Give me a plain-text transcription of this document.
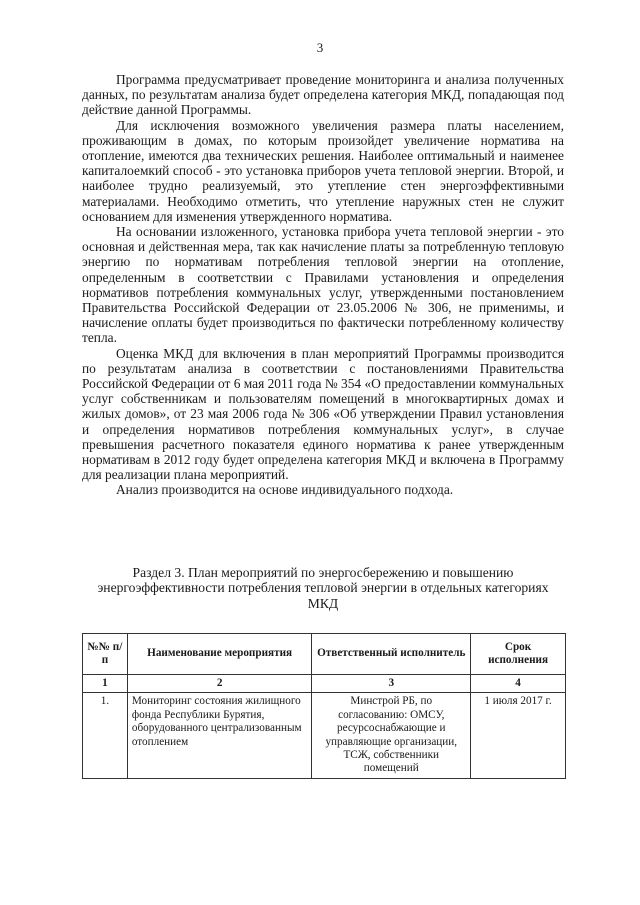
3

Программа предусматривает проведение мониторинга и анализа полученных данных, по результатам анализа будет определена категория МКД, попадающая под действие данной Программы.

Для исключения возможного увеличения размера платы населением, проживающим в домах, по которым произойдет увеличение норматива на отопление, имеются два технических решения. Наиболее оптимальный и наименее капиталоемкий способ - это установка приборов учета тепловой энергии. Второй, и наиболее трудно реализуемый, это утепление стен энергоэффективными материалами. Необходимо отметить, что утепление наружных стен не служит основанием для изменения утвержденного норматива.

На основании изложенного, установка прибора учета тепловой энергии - это основная и действенная мера, так как начисление платы за потребленную тепловую энергию по нормативам потребления тепловой энергии на отопление, определенным в соответствии с Правилами установления и определения нормативов потребления коммунальных услуг, утвержденными постановлением Правительства Российской Федерации от 23.05.2006 № 306, не применимы, и начисление оплаты будет производиться по фактически потребленному количеству тепла.

Оценка МКД для включения в план мероприятий Программы производится по результатам анализа в соответствии с постановлениями Правительства Российской Федерации от 6 мая 2011 года № 354 «О предоставлении коммунальных услуг собственникам и пользователям помещений в многоквартирных домах и жилых домов», от 23 мая 2006 года № 306 «Об утверждении Правил установления и определения нормативов потребления коммунальных услуг», в случае превышения расчетного показателя единого норматива к ранее утвержденным нормативам в 2012 году будет определена категория МКД и включена в Программу для реализации плана мероприятий.

Анализ производится на основе индивидуального подхода.

Раздел 3. План мероприятий по энергосбережению и повышению энергоэффективности потребления тепловой энергии в отдельных категориях МКД
№№ п/п	Наименование мероприятия	Ответственный исполнитель	Срок исполнения
1	2	3	4
1.	Мониторинг состояния жилищного фонда Республики Бурятия, оборудованного централизованным отоплением	Минстрой РБ, по согласованию: ОМСУ, ресурсоснабжающие и управляющие организации, ТСЖ, собственники помещений	1 июля 2017 г.
